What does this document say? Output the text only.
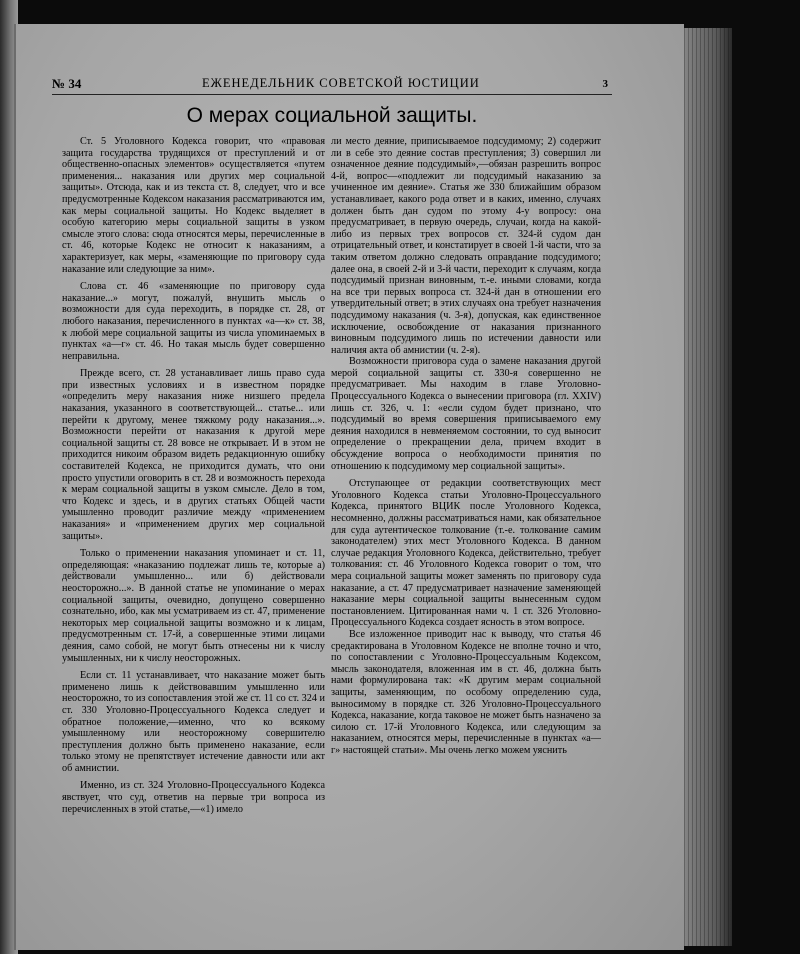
№ 34	ЕЖЕНЕДЕЛЬНИК СОВЕТСКОЙ ЮСТИЦИИ	3
О мерах социальной защиты.

Ст. 5 Уголовного Кодекса говорит, что «правовая защита государства трудящихся от преступлений и от общественно-опасных элементов» осуществляется «путем применения... наказания или других мер социальной защиты». Отсюда, как и из текста ст. 8, следует, что и все предусмотренные Кодексом наказания рассматриваются им, как меры социальной защиты. Но Кодекс выделяет в особую категорию меры социальной защиты в узком смысле этого слова: сюда относятся меры, перечисленные в ст. 46, которые Кодекс не относит к наказаниям, а характеризует, как меры, «заменяющие по приговору суда наказание или следующие за ним».

Слова ст. 46 «заменяющие по приговору суда наказание...» могут, пожалуй, внушить мысль о возможности для суда переходить, в порядке ст. 28, от любого наказания, перечисленного в пунктах «а—к» ст. 38, к любой мере социальной защиты из числа упоминаемых в пунктах «а—г» ст. 46. Но такая мысль будет совершенно неправильна.

Прежде всего, ст. 28 устанавливает лишь право суда при известных условиях и в известном порядке «определить меру наказания ниже низшего предела наказания, указанного в соответствующей... статье... или перейти к другому, менее тяжкому роду наказания...». Возможности перейти от наказания к другой мере социальной защиты ст. 28 вовсе не открывает. И в этом не приходится никоим образом видеть редакционную ошибку составителей Кодекса, не приходится думать, что они просто упустили оговорить в ст. 28 и возможность перехода к мерам социальной защиты в узком смысле. Дело в том, что Кодекс и здесь, и в других статьях Общей части умышленно проводит различие между «применением наказания» и «применением других мер социальной защиты».

Только о применении наказания упоминает и ст. 11, определяющая: «наказанию подлежат лишь те, которые а) действовали умышленно... или б) действовали неосторожно...». В данной статье не упоминание о мерах социальной защиты, очевидно, допущено совершенно сознательно, ибо, как мы усматриваем из ст. 47, применение некоторых мер социальной защиты возможно и к лицам, предусмотренным ст. 17-й, а совершенные этими лицами деяния, само собой, не могут быть отнесены ни к числу умышленных, ни к числу неосторожных.

Если ст. 11 устанавливает, что наказание может быть применено лишь к действовавшим умышленно или неосторожно, то из сопоставления этой же ст. 11 со ст. 324 и ст. 330 Уголовно-Процессуального Кодекса следует и обратное положение,—именно, что ко всякому умышленному или неосторожному совершителю преступления должно быть применено наказание, если только этому не препятствует истечение давности или акт об амнистии.

Именно, из ст. 324 Уголовно-Процессуального Кодекса явствует, что суд, ответив на первые три вопроса из перечисленных в этой статье,—«1) имело

ли место деяние, приписываемое подсудимому; 2) содержит ли в себе это деяние состав преступления; 3) совершил ли означенное деяние подсудимый»,—обязан разрешить вопрос 4-й, вопрос—«подлежит ли подсудимый наказанию за учиненное им деяние». Статья же 330 ближайшим образом устанавливает, какого рода ответ и в каких, именно, случаях должен быть дан судом по этому 4-у вопросу: она предусматривает, в первую очередь, случаи, когда на какой-либо из первых трех вопросов ст. 324-й судом дан отрицательный ответ, и констатирует в своей 1-й части, что за таким ответом должно следовать оправдание подсудимого; далее она, в своей 2-й и 3-й части, переходит к случаям, когда подсудимый признан виновным, т.-е. иными словами, когда на все три первых вопроса ст. 324-й дан в отношении его утвердительный ответ; в этих случаях она требует назначения подсудимому наказания (ч. 3-я), допуская, как единственное исключение, освобождение от наказания признанного виновным подсудимого лишь по истечении давности или наличия акта об амнистии (ч. 2-я).

Возможности приговора суда о замене наказания другой мерой социальной защиты ст. 330-я совершенно не предусматривает. Мы находим в главе Уголовно-Процессуального Кодекса о вынесении приговора (гл. XXIV) лишь ст. 326, ч. 1: «если судом будет признано, что подсудимый во время совершения приписываемого ему деяния находился в невменяемом состоянии, то суд выносит определение о прекращении дела, причем входит в обсуждение вопроса о необходимости принятия по отношению к подсудимому мер социальной защиты».

Отступающее от редакции соответствующих мест Уголовного Кодекса статьи Уголовно-Процессуального Кодекса, принятого ВЦИК после Уголовного Кодекса, несомненно, должны рассматриваться нами, как обязательное для суда аутентическое толкование (т.-е. толкование самим законодателем) этих мест Уголовного Кодекса. В данном случае редакция Уголовного Кодекса, действительно, требует толкования: ст. 46 Уголовного Кодекса говорит о том, что мера социальной защиты может заменять по приговору суда наказание, а ст. 47 предусматривает назначение заменяющей наказание меры социальной защиты вынесенным судом постановлением. Цитированная нами ч. 1 ст. 326 Уголовно-Процессуального Кодекса создает ясность в этом вопросе.

Все изложенное приводит нас к выводу, что статья 46 средактирована в Уголовном Кодексе не вполне точно и что, по сопоставлении с Уголовно-Процессуальным Кодексом, мысль законодателя, вложенная им в ст. 46, должна быть нами формулирована так: «К другим мерам социальной защиты, заменяющим, по особому определению суда, выносимому в порядке ст. 326 Уголовно-Процессуального Кодекса, наказание, когда таковое не может быть назначено за силою ст. 17-й Уголовного Кодекса, или следующим за наказанием, относятся меры, перечисленные в пунктах «а—г» настоящей статьи». Мы очень легко можем уяснить
